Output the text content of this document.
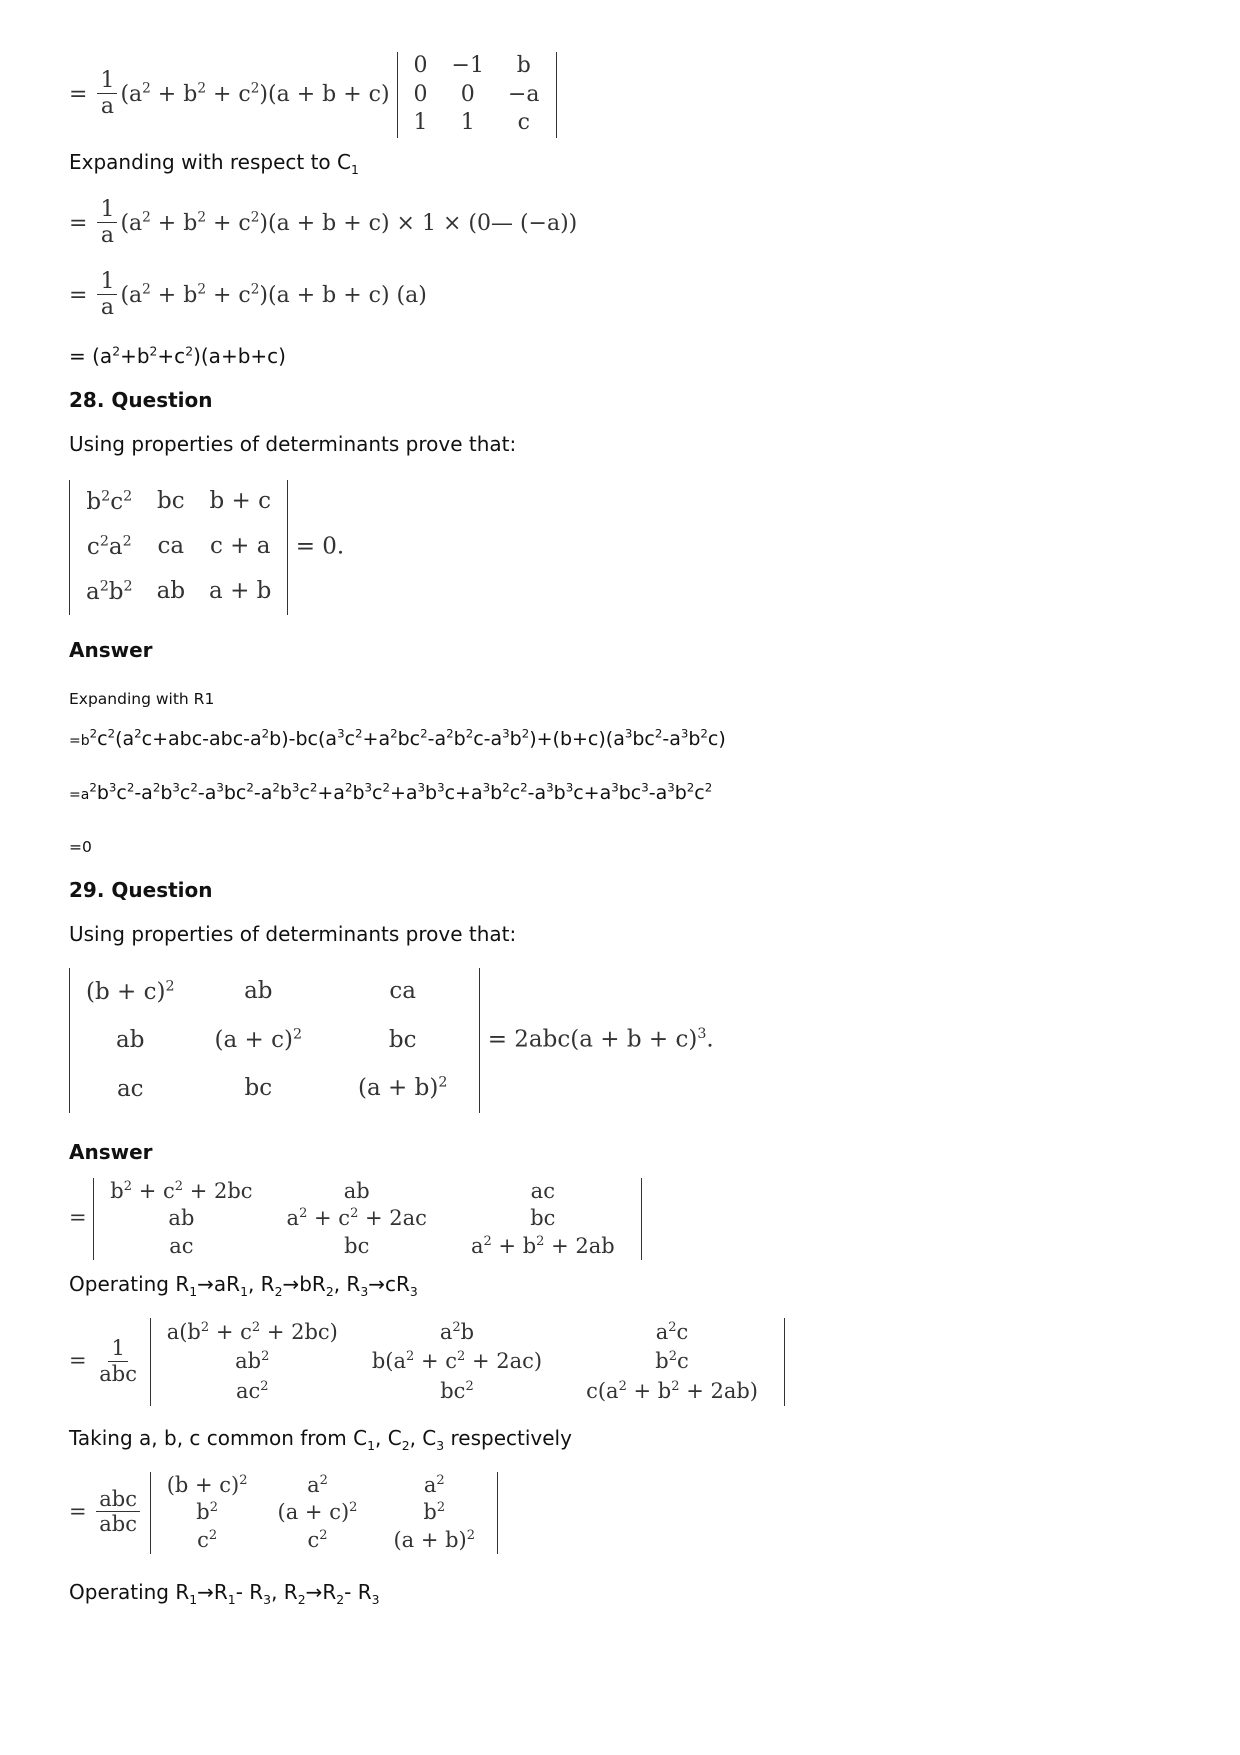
= $\frac{1}{a} (a^2 + b^2 + c^2)(a + b + c)$
0	−1	b
0	0	−a
1	1	c
Expanding with respect to $C_1$
= $\frac{1}{a} (a^2 + b^2 + c^2)(a + b + c) \times 1$ × (0— (−a))
= $\frac{1}{a} (a^2 + b^2 + c^2)(a + b + c)$ (a)
= $(a^2+b^2+c^2)(a+b+c)$
28. Question
Using properties of determinants prove that:
$b^2c^2$	bc	b + c
$c^2a^2$	ca	c + a
$a^2b^2$	ab	a + b
= 0.
Answer
Expanding with R1
$=b^2c^2(a^2c+abc-abc-a^2b)-bc(a^3c^2+a^2bc^2-a^2b^2c-a^3b^2)+(b+c)(a^3bc^2-a^3b^2c)$
$=a^2b^3c^2-a^2b^3c^2-a^3bc^2-a^2b^3c^2+a^2b^3c^2+a^3b^3c+a^3b^2c^2-a^3b^3c+a^3bc^3-a^3b^2c^2$
=0
29. Question
Using properties of determinants prove that:
$(b + c)^2$	ab	ca
ab	$(a + c)^2$	bc
ac	bc	$(a + b)^2$
= $2abc(a + b + c)^3$.
Answer
=
$b^2 + c^2 + 2bc$	ab	ac
ab	$a^2 + c^2 + 2ac$	bc
ac	bc	$a^2 + b^2 + 2ab$
Operating $R_1\to aR_1$, $R_2\to bR_2$, $R_3\to cR_3$
= $\frac{1}{\text{abc}}$

$a(b^2 + c^2 + 2bc)$	$a^2b$	$a^2c$
$ab^2$	$b(a^2 + c^2 + 2ac)$	$b^2c$
$ac^2$	$bc^2$	$c(a^2 + b^2 + 2ab)$
Taking a, b, c common from $C_1$, $C_2$, $C_3$ respectively
= $\frac{\text{abc}}{\text{abc}}$

$(b + c)^2$	$a^2$	$a^2$
$b^2$	$(a + c)^2$	$b^2$
$c^2$	$c^2$	$(a + b)^2$
Operating $R_1\to R_1-$ $R_3$, $R_2\to R_2-$ $R_3$
